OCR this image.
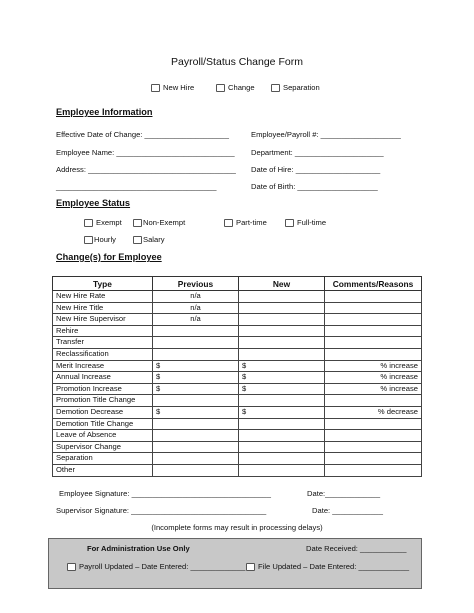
Payroll/Status Change Form
New Hire	Change	Separation
Employee Information
Effective Date of Change: ____________________	Employee/Payroll #: ___________________
Employee Name: ____________________________ Department: _____________________
Address: ___________________________________ Date of Hire: ____________________
______________________________________	Date of Birth: ___________________
Employee Status
Exempt	Non-Exempt	Part-time	Full-time
Hourly	Salary
Change(s) for Employee
Type	Previous	New	Comments/Reasons
New Hire Rate	n/a		
New Hire Title	n/a		
New Hire Supervisor	n/a		
Rehire			
Transfer			
Reclassification			
Merit Increase	$	$	% increase
Annual Increase	$	$	% increase
Promotion Increase	$	$	% increase
Promotion Title Change			
Demotion Decrease	$	$	% decrease
Demotion Title Change			
Leave of Absence			
Supervisor Change			
Separation			
Other			
Employee Signature: _________________________________	Date:_____________
Supervisor Signature: ________________________________	Date: ____________
(Incomplete forms may result in processing delays)
For Administration Use Only	Date Received: ___________
Payroll Updated – Date Entered: _____________	File Updated – Date Entered: ____________
